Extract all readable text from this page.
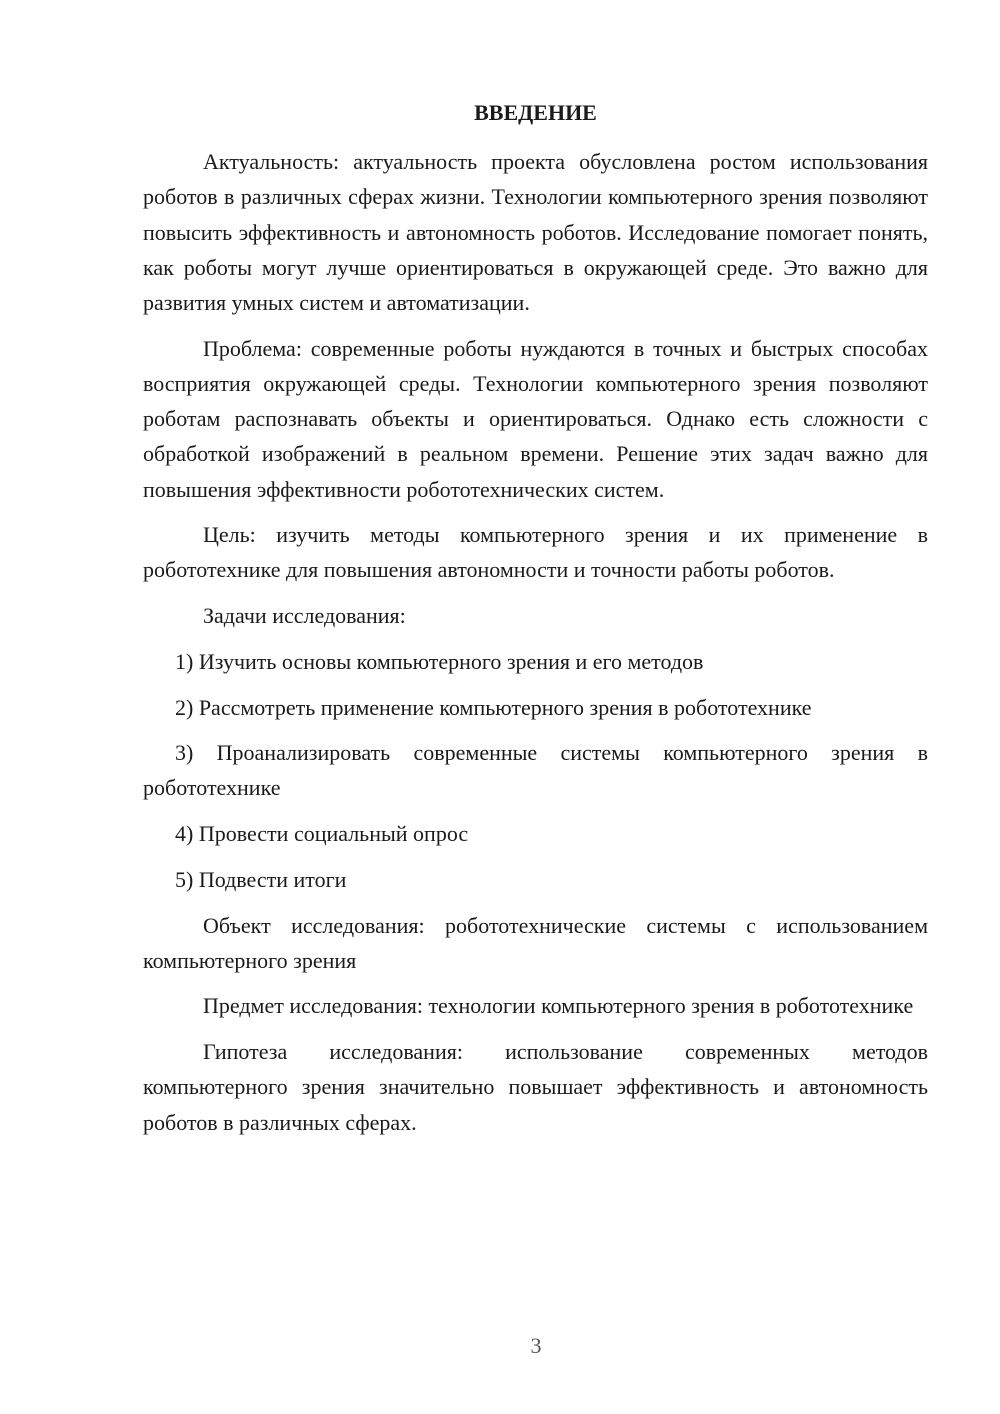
ВВЕДЕНИЕ

Актуальность: актуальность проекта обусловлена ростом использования роботов в различных сферах жизни. Технологии компьютерного зрения позволяют повысить эффективность и автономность роботов. Исследование помогает понять, как роботы могут лучше ориентироваться в окружающей среде. Это важно для развития умных систем и автоматизации.

Проблема: современные роботы нуждаются в точных и быстрых способах восприятия окружающей среды. Технологии компьютерного зрения позволяют роботам распознавать объекты и ориентироваться. Однако есть сложности с обработкой изображений в реальном времени. Решение этих задач важно для повышения эффективности робототехнических систем.

Цель: изучить методы компьютерного зрения и их применение в робототехнике для повышения автономности и точности работы роботов.

Задачи исследования:

1) Изучить основы компьютерного зрения и его методов

2) Рассмотреть применение компьютерного зрения в робототехнике

3) Проанализировать современные системы компьютерного зрения в робототехнике

4) Провести социальный опрос

5) Подвести итоги

Объект исследования: робототехнические системы с использованием компьютерного зрения

Предмет исследования: технологии компьютерного зрения в робототехнике

Гипотеза исследования: использование современных методов компьютерного зрения значительно повышает эффективность и автономность роботов в различных сферах.

3
